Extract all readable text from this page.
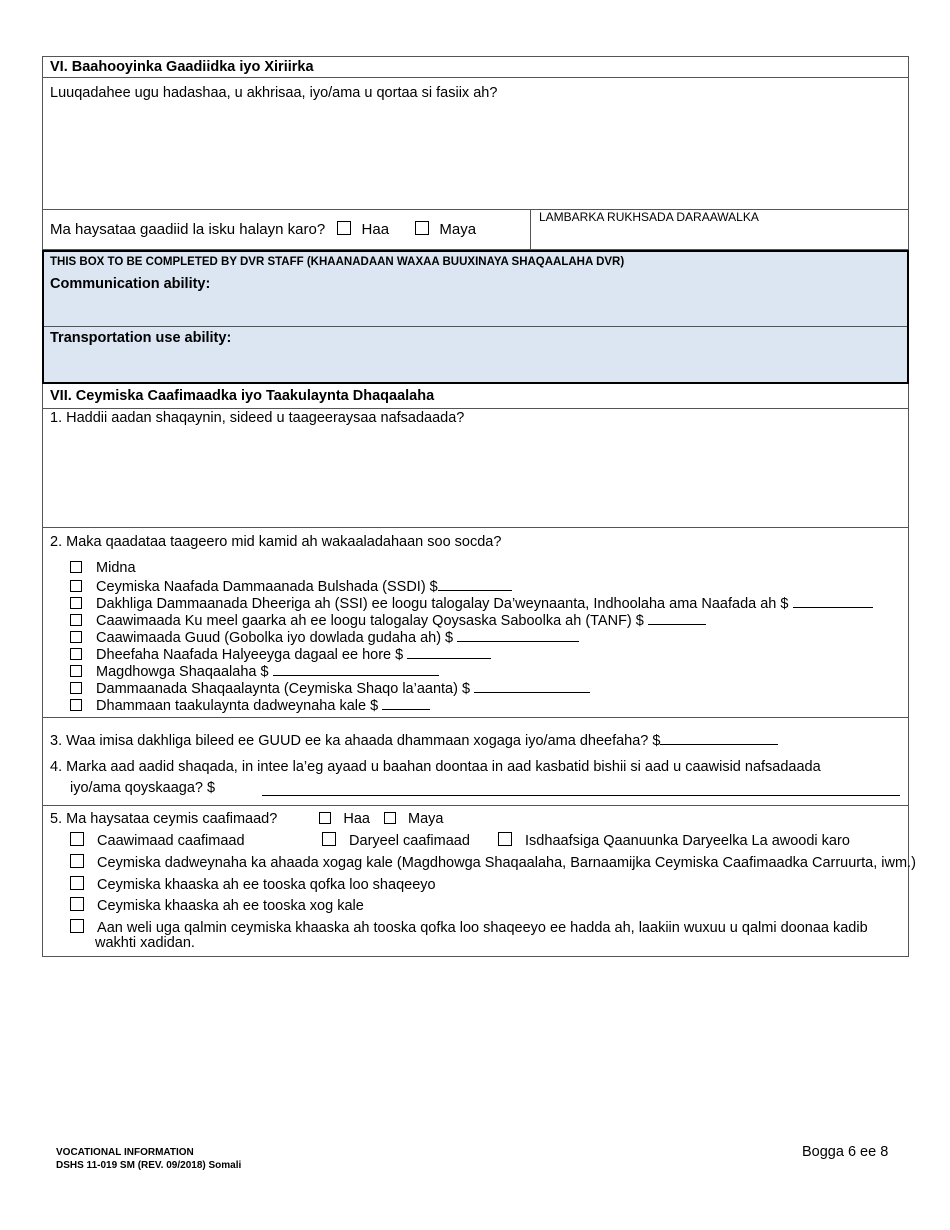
VI. Baahooyinka Gaadiidka iyo Xiriirka
Luuqadahee ugu hadashaa, u akhrisaa, iyo/ama u qortaa si fasiix ah?
Ma haysataa gaadiid la isku halayn karo? Haa	Maya
LAMBARKA RUKHSADA DARAAWALKA
THIS BOX TO BE COMPLETED BY DVR STAFF (KHAANADAAN WAXAA BUUXINAYA SHAQAALAHA DVR)
Communication ability:
Transportation use ability:
VII. Ceymiska Caafimaadka iyo Taakulaynta Dhaqaalaha
1. Haddii aadan shaqaynin, sideed u taageeraysaa nafsadaada?
2. Maka qaadataa taageero mid kamid ah wakaaladahaan soo socda?
Midna
Ceymiska Naafada Dammaanada Bulshada (SSDI) $
Dakhliga Dammaanada Dheeriga ah (SSI) ee loogu talogalay Da’weynaanta, Indhoolaha ama Naafada ah $
Caawimaada Ku meel gaarka ah ee loogu talogalay Qoysaska Saboolka ah (TANF) $
Caawimaada Guud (Gobolka iyo dowlada gudaha ah) $
Dheefaha Naafada Halyeeyga dagaal ee hore $
Magdhowga Shaqaalaha $
Dammaanada Shaqaalaynta (Ceymiska Shaqo la’aanta) $
Dhammaan taakulaynta dadweynaha kale $
3. Waa imisa dakhliga bileed ee GUUD ee ka ahaada dhammaan xogaga iyo/ama dheefaha? $
4. Marka aad aadid shaqada, in intee la’eg ayaad u baahan doontaa in aad kasbatid bishii si aad u caawisid nafsadaada
iyo/ama qoyskaaga? $
5. Ma haysataa ceymis caafimaad?	Haa	Maya
Caawimaad caafimaad	Daryeel caafimaad	Isdhaafsiga Qaanuunka Daryeelka La awoodi karo
Ceymiska dadweynaha ka ahaada xogag kale (Magdhowga Shaqaalaha, Barnaamijka Ceymiska Caafimaadka Carruurta, iwm.)
Ceymiska khaaska ah ee tooska qofka loo shaqeeyo
Ceymiska khaaska ah ee tooska xog kale
Aan weli uga qalmin ceymiska khaaska ah tooska qofka loo shaqeeyo ee hadda ah, laakiin wuxuu u qalmi doonaa kadib
wakhti xadidan.
VOCATIONAL INFORMATION
DSHS 11-019 SM (REV. 09/2018) Somali
Bogga 6 ee 8
